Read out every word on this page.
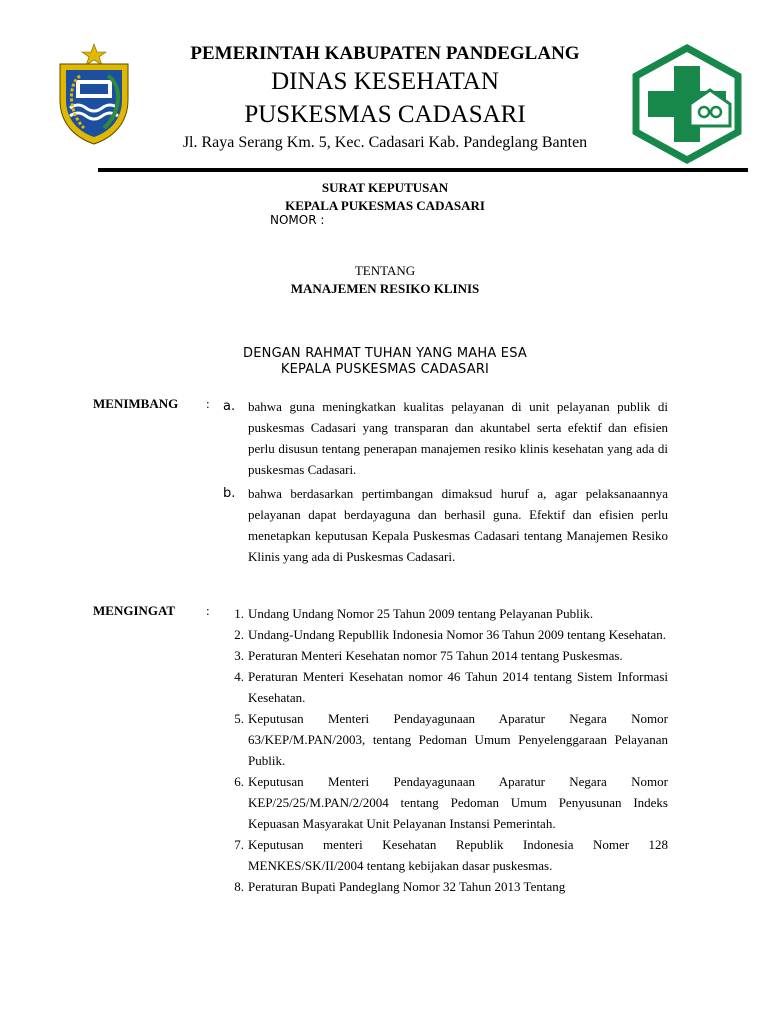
PEMERINTAH KABUPATEN PANDEGLANG
DINAS KESEHATAN
PUSKESMAS CADASARI
Jl. Raya Serang Km. 5, Kec. Cadasari Kab. Pandeglang Banten
SURAT KEPUTUSAN
KEPALA PUKESMAS CADASARI
NOMOR :
TENTANG
MANAJEMEN RESIKO KLINIS
DENGAN RAHMAT TUHAN YANG MAHA ESA
KEPALA PUSKESMAS CADASARI
MENIMBANG : a. bahwa guna meningkatkan kualitas pelayanan di unit pelayanan publik di puskesmas Cadasari yang transparan dan akuntabel serta efektif dan efisien perlu disusun tentang penerapan manajemen resiko klinis kesehatan yang ada di puskesmas Cadasari.
b. bahwa berdasarkan pertimbangan dimaksud huruf a, agar pelaksanaannya pelayanan dapat berdayaguna dan berhasil guna. Efektif dan efisien perlu menetapkan keputusan Kepala Puskesmas Cadasari tentang Manajemen Resiko Klinis yang ada di Puskesmas Cadasari.
MENGINGAT :	1. Undang Undang Nomor 25 Tahun 2009 tentang Pelayanan Publik.
2. Undang-Undang Republlik Indonesia Nomor 36 Tahun 2009 tentang Kesehatan.
3. Peraturan Menteri Kesehatan nomor 75 Tahun 2014 tentang Puskesmas.
4. Peraturan Menteri Kesehatan nomor 46 Tahun 2014 tentang Sistem Informasi Kesehatan.
5. Keputusan Menteri Pendayagunaan Aparatur Negara Nomor 63/KEP/M.PAN/2003, tentang Pedoman Umum Penyelenggaraan Pelayanan Publik.
6. Keputusan Menteri Pendayagunaan Aparatur Negara Nomor KEP/25/25/M.PAN/2/2004 tentang Pedoman Umum Penyusunan Indeks Kepuasan Masyarakat Unit Pelayanan Instansi Pemerintah.
7. Keputusan menteri Kesehatan Republik Indonesia Nomer 128 MENKES/SK/II/2004 tentang kebijakan dasar puskesmas.
8. Peraturan Bupati Pandeglang Nomor 32 Tahun 2013 Tentang
